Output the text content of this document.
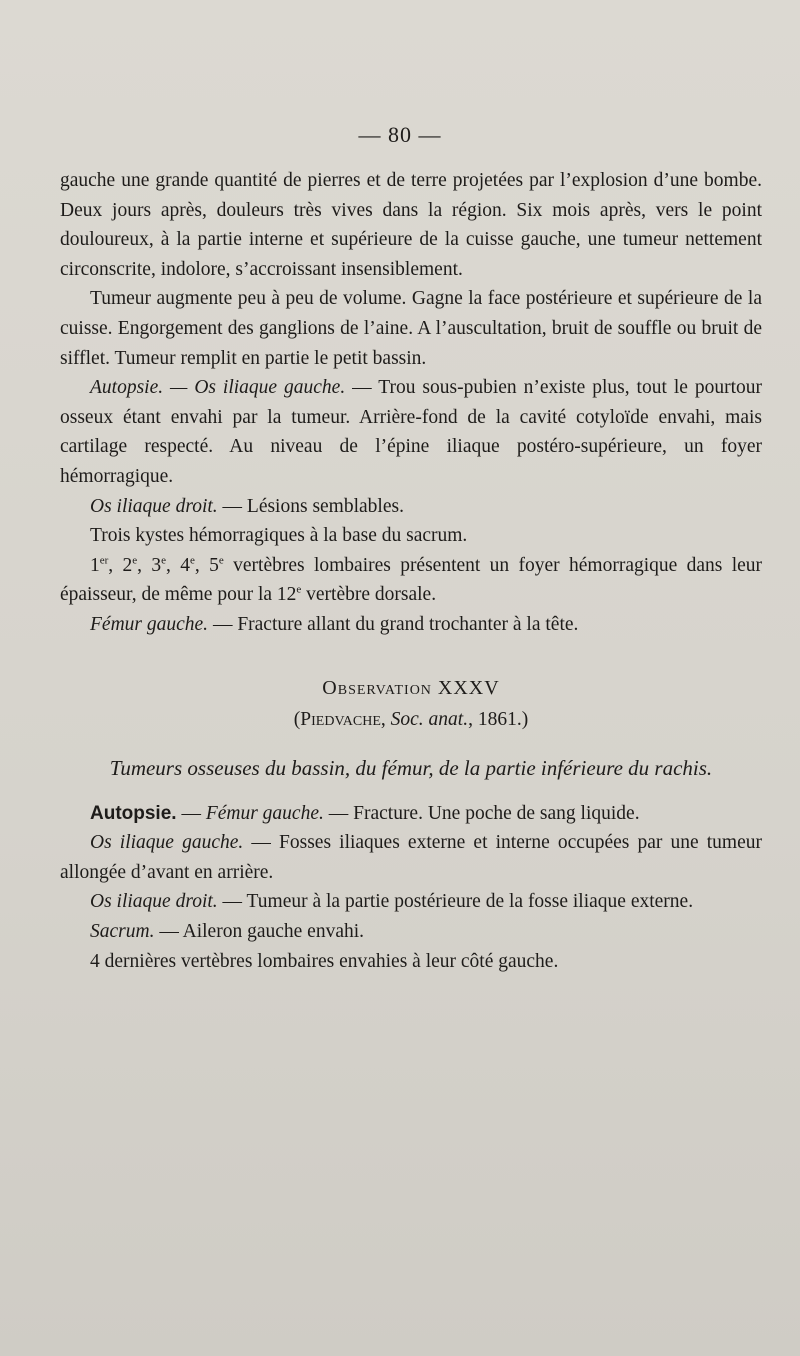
— 80 —

gauche une grande quantité de pierres et de terre projetées par l’explosion d’une bombe. Deux jours après, douleurs très vives dans la région. Six mois après, vers le point douloureux, à la partie interne et supérieure de la cuisse gauche, une tumeur nettement circonscrite, indolore, s’accroissant insensiblement.

Tumeur augmente peu à peu de volume. Gagne la face postérieure et supérieure de la cuisse. Engorgement des ganglions de l’aine. A l’auscultation, bruit de souffle ou bruit de sifflet. Tumeur remplit en partie le petit bassin.

Autopsie. — Os iliaque gauche. — Trou sous-pubien n’existe plus, tout le pourtour osseux étant envahi par la tumeur. Arrière-fond de la cavité cotyloïde envahi, mais cartilage respecté. Au niveau de l’épine iliaque postéro-supérieure, un foyer hémorragique.

Os iliaque droit. — Lésions semblables.

Trois kystes hémorragiques à la base du sacrum.

1er, 2e, 3e, 4e, 5e vertèbres lombaires présentent un foyer hémorragique dans leur épaisseur, de même pour la 12e vertèbre dorsale.

Fémur gauche. — Fracture allant du grand trochanter à la tête.

Observation XXXV

(Piedvache, Soc. anat., 1861.)

Tumeurs osseuses du bassin, du fémur, de la partie inférieure du rachis.

Autopsie. — Fémur gauche. — Fracture. Une poche de sang liquide.

Os iliaque gauche. — Fosses iliaques externe et interne occupées par une tumeur allongée d’avant en arrière.

Os iliaque droit. — Tumeur à la partie postérieure de la fosse iliaque externe.

Sacrum. — Aileron gauche envahi.

4 dernières vertèbres lombaires envahies à leur côté gauche.
